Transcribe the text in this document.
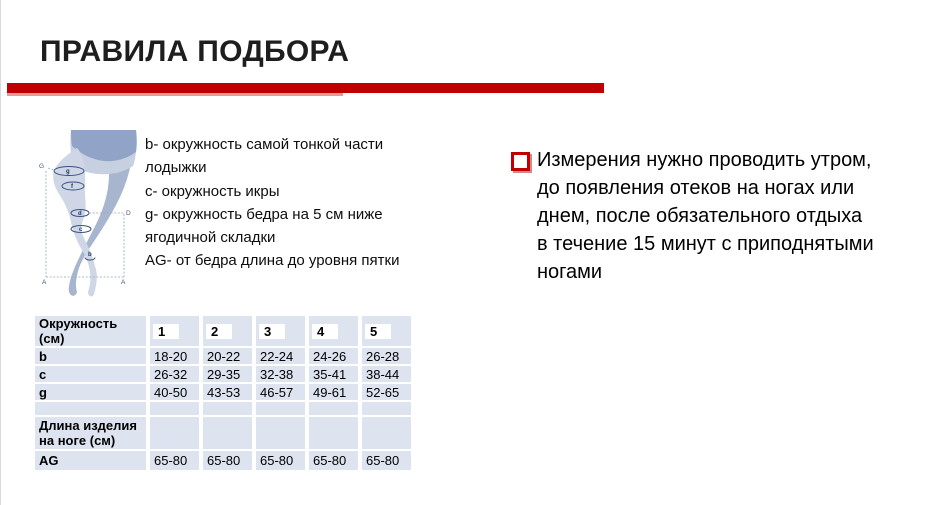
ПРАВИЛА ПОДБОРА
G
D
A	A
g
f
d
c
b
b- окружность самой тонкой части лодыжки
c- окружность икры
g- окружность бедра на 5 см ниже ягодичной складки
AG- от бедра длина до уровня пятки
Измерения нужно проводить утром, до появления отеков на ногах или днем, после обязательного отдыха в течение 15 минут с приподнятыми ногами
Окружность (см)	1	2	3	4	5
b	18-20	20-22	22-24	24-26	26-28
c	26-32	29-35	32-38	35-41	38-44
g	40-50	43-53	46-57	49-61	52-65

Длина изделия на ноге (см)					
AG	65-80	65-80	65-80	65-80	65-80
